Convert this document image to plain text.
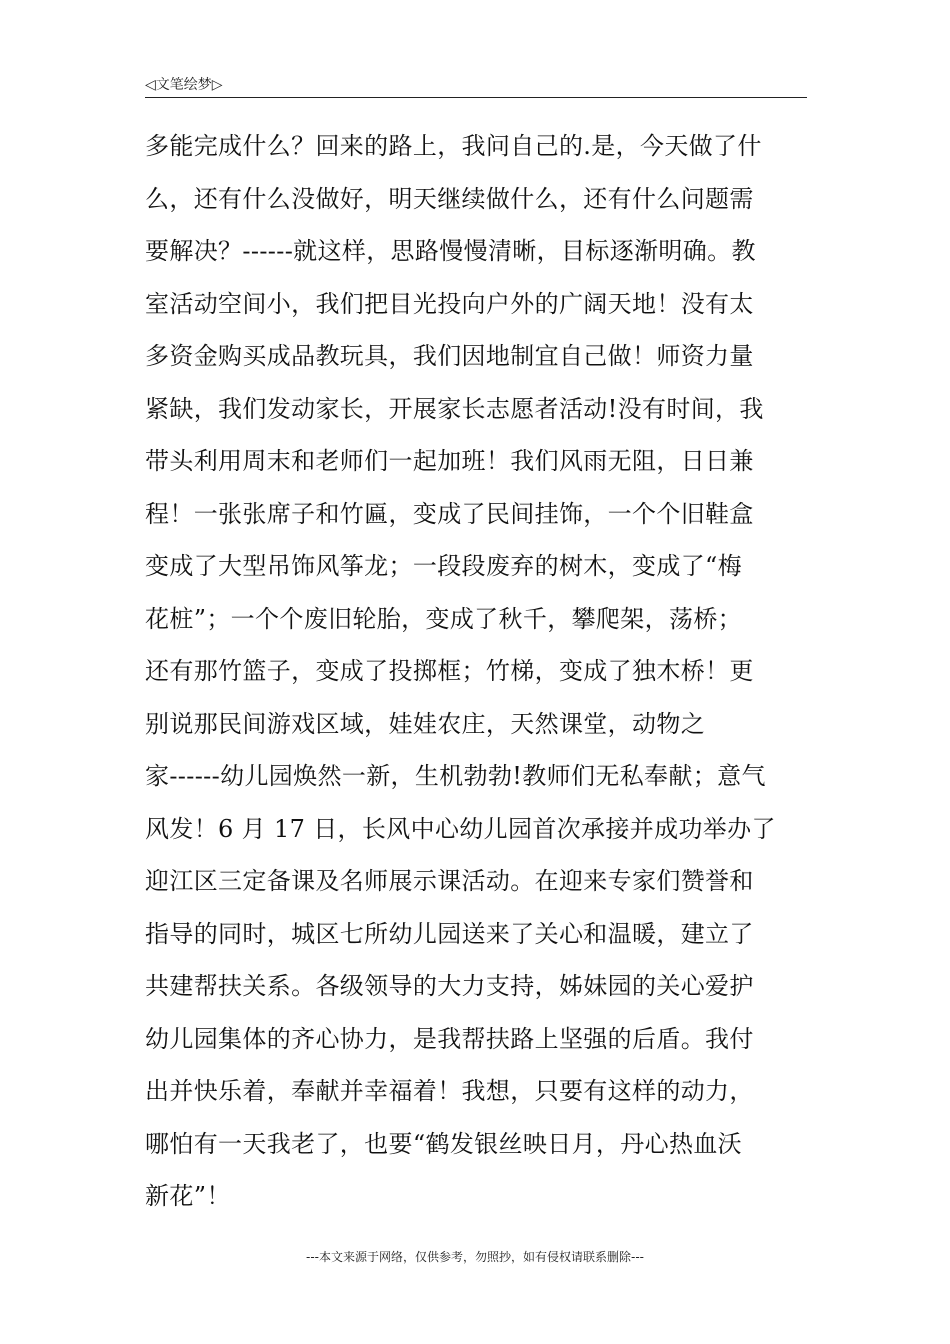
◁文笔绘梦▷
多能完成什么？回来的路上，我问自己的.是，今天做了什
么，还有什么没做好，明天继续做什么，还有什么问题需
要解决？------就这样，思路慢慢清晰，目标逐渐明确。教
室活动空间小，我们把目光投向户外的广阔天地！没有太
多资金购买成品教玩具，我们因地制宜自己做！师资力量
紧缺，我们发动家长，开展家长志愿者活动!没有时间，我
带头利用周末和老师们一起加班！我们风雨无阻，日日兼
程！一张张席子和竹匾，变成了民间挂饰，一个个旧鞋盒
变成了大型吊饰风筝龙；一段段废弃的树木，变成了“梅
花桩”；一个个废旧轮胎，变成了秋千，攀爬架，荡桥；
还有那竹篮子，变成了投掷框；竹梯，变成了独木桥！更
别说那民间游戏区域，娃娃农庄，天然课堂，动物之
家------幼儿园焕然一新，生机勃勃!教师们无私奉献；意气
风发！6 月 17 日，长风中心幼儿园首次承接并成功举办了
迎江区三定备课及名师展示课活动。在迎来专家们赞誉和
指导的同时，城区七所幼儿园送来了关心和温暖，建立了
共建帮扶关系。各级领导的大力支持，姊妹园的关心爱护
幼儿园集体的齐心协力，是我帮扶路上坚强的后盾。我付
出并快乐着，奉献并幸福着！我想，只要有这样的动力，
哪怕有一天我老了，也要“鹤发银丝映日月，丹心热血沃
新花”！
---本文来源于网络，仅供参考，勿照抄，如有侵权请联系删除---
